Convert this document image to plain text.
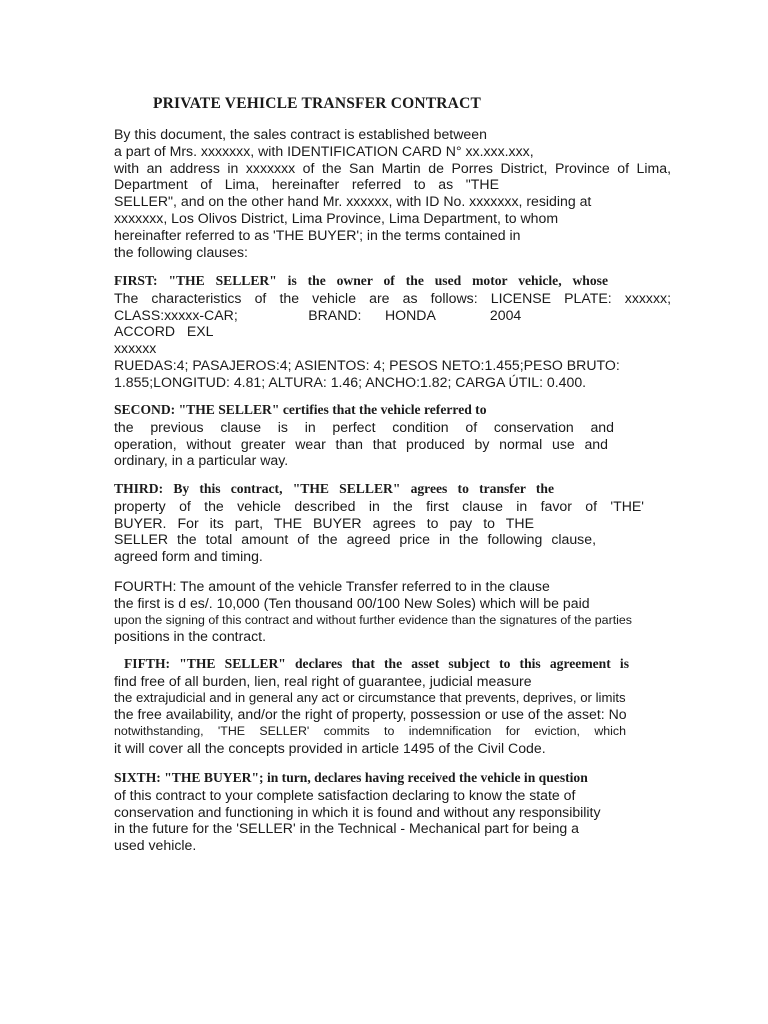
PRIVATE VEHICLE TRANSFER CONTRACT
By this document, the sales contract is established between
a part of Mrs. xxxxxxx, with IDENTIFICATION CARD N° xx.xxx.xxx,
with an address in xxxxxxx of the San Martin de Porres District, Province of Lima,
Department of Lima, hereinafter referred to as "THE
SELLER", and on the other hand Mr. xxxxxx, with ID No. xxxxxxx, residing at
xxxxxxx, Los Olivos District, Lima Province, Lima Department, to whom
hereinafter referred to as 'THE BUYER'; in the terms contained in
the following clauses:
FIRST: "THE SELLER" is the owner of the used motor vehicle, whose
The characteristics of the vehicle are as follows: LICENSE PLATE: xxxxxx;
CLASS:xxxxx-CAR;                  BRAND:      HONDA              2004
ACCORD   EXL
xxxxxx
RUEDAS:4; PASAJEROS:4; ASIENTOS: 4; PESOS NETO:1.455;PESO BRUTO:
1.855;LONGITUD: 4.81; ALTURA: 1.46; ANCHO:1.82; CARGA ÚTIL: 0.400.
SECOND: "THE SELLER" certifies that the vehicle referred to
the previous clause is in perfect condition of conservation and
operation, without greater wear than that produced by normal use and
ordinary, in a particular way.
THIRD: By this contract, "THE SELLER" agrees to transfer the
property of the vehicle described in the first clause in favor of 'THE'
BUYER. For its part, THE BUYER agrees to pay to THE
SELLER the total amount of the agreed price in the following clause,
agreed form and timing.
FOURTH: The amount of the vehicle Transfer referred to in the clause
the first is d es/. 10,000 (Ten thousand 00/100 New Soles) which will be paid
upon the signing of this contract and without further evidence than the signatures of the parties
positions in the contract.
FIFTH: "THE SELLER" declares that the asset subject to this agreement is
find free of all burden, lien, real right of guarantee, judicial measure
the extrajudicial and in general any act or circumstance that prevents, deprives, or limits
the free availability, and/or the right of property, possession or use of the asset: No
notwithstanding, 'THE SELLER' commits to indemnification for eviction, which
it will cover all the concepts provided in article 1495 of the Civil Code.
SIXTH: "THE BUYER"; in turn, declares having received the vehicle in question
of this contract to your complete satisfaction declaring to know the state of
conservation and functioning in which it is found and without any responsibility
in the future for the 'SELLER' in the Technical - Mechanical part for being a
used vehicle.
